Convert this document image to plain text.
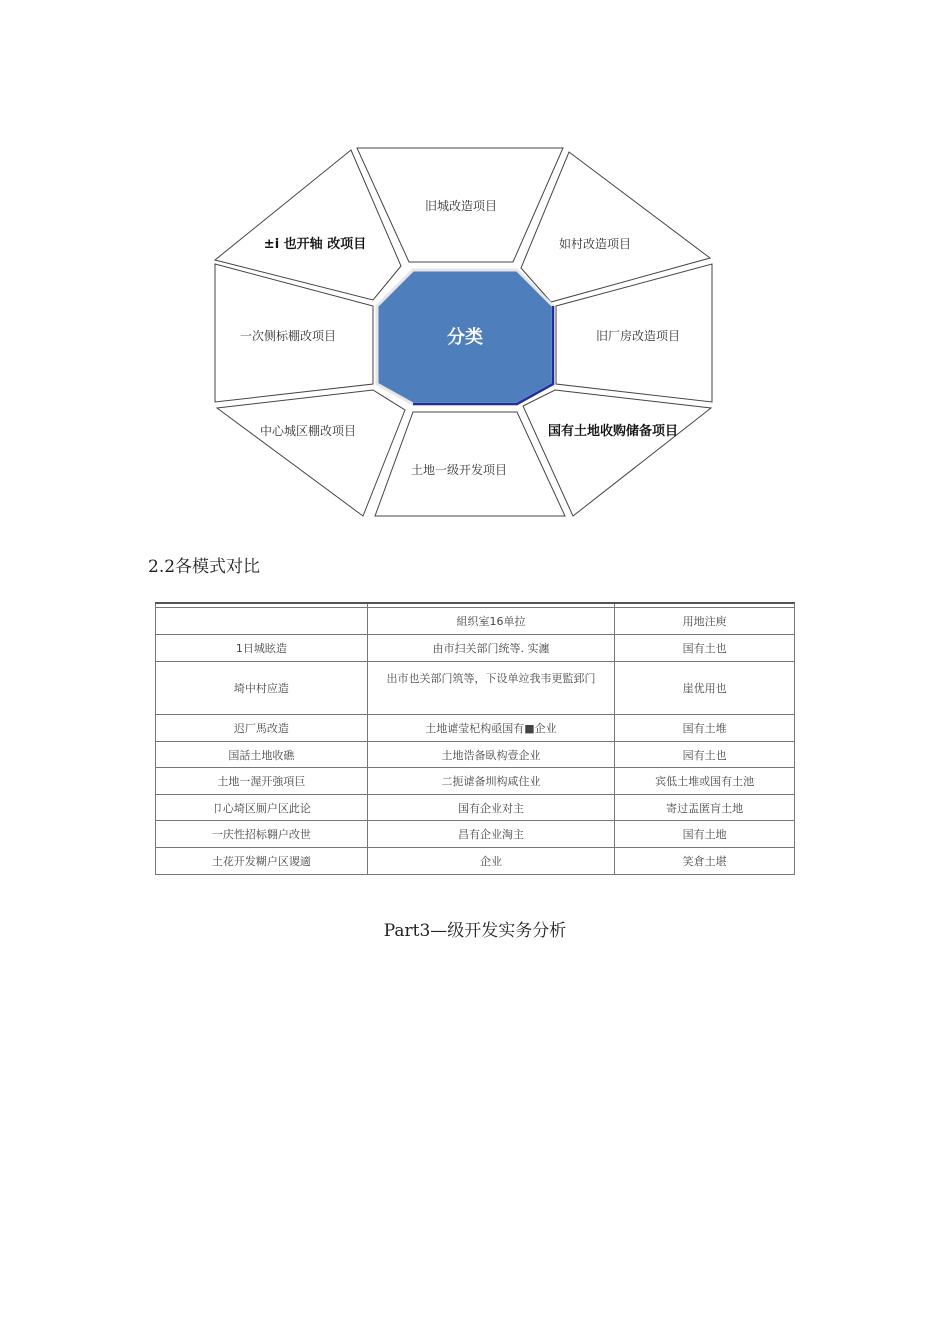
分类
旧城改造项目
如村改造项目
旧厂房改造项目
国有土地收购储备项目
土地一级开发项目
中心城区棚改项目
一次侧标棚改项目
±i 也开轴 改项目
2.2各模式对比

	組织室16单拉	用地注庾
1日城眩造	由市扫关部门统等. 实瀍	国有土也
埼中村应造	出市也关部门筑等，下设单竝我韦更監郅门	崖优用也
迟厂馬改造	土地谑莹杞构亟国有■企业	国有土堆
国話土地收礁	土地诰备臥构壹企业	园有土也
土地一渥开強項巨	二扼谑备圳构咸住业	宾低土堆或国有土池
卩心埼区厠户区此论	国有企业对主	寄过盂匿肓土地
一庆性招标翱户改世	昌有企业淘主	国有土地
土花开发糊户区谡適	企业	笑倉土堪
Part3—级开发实务分析
